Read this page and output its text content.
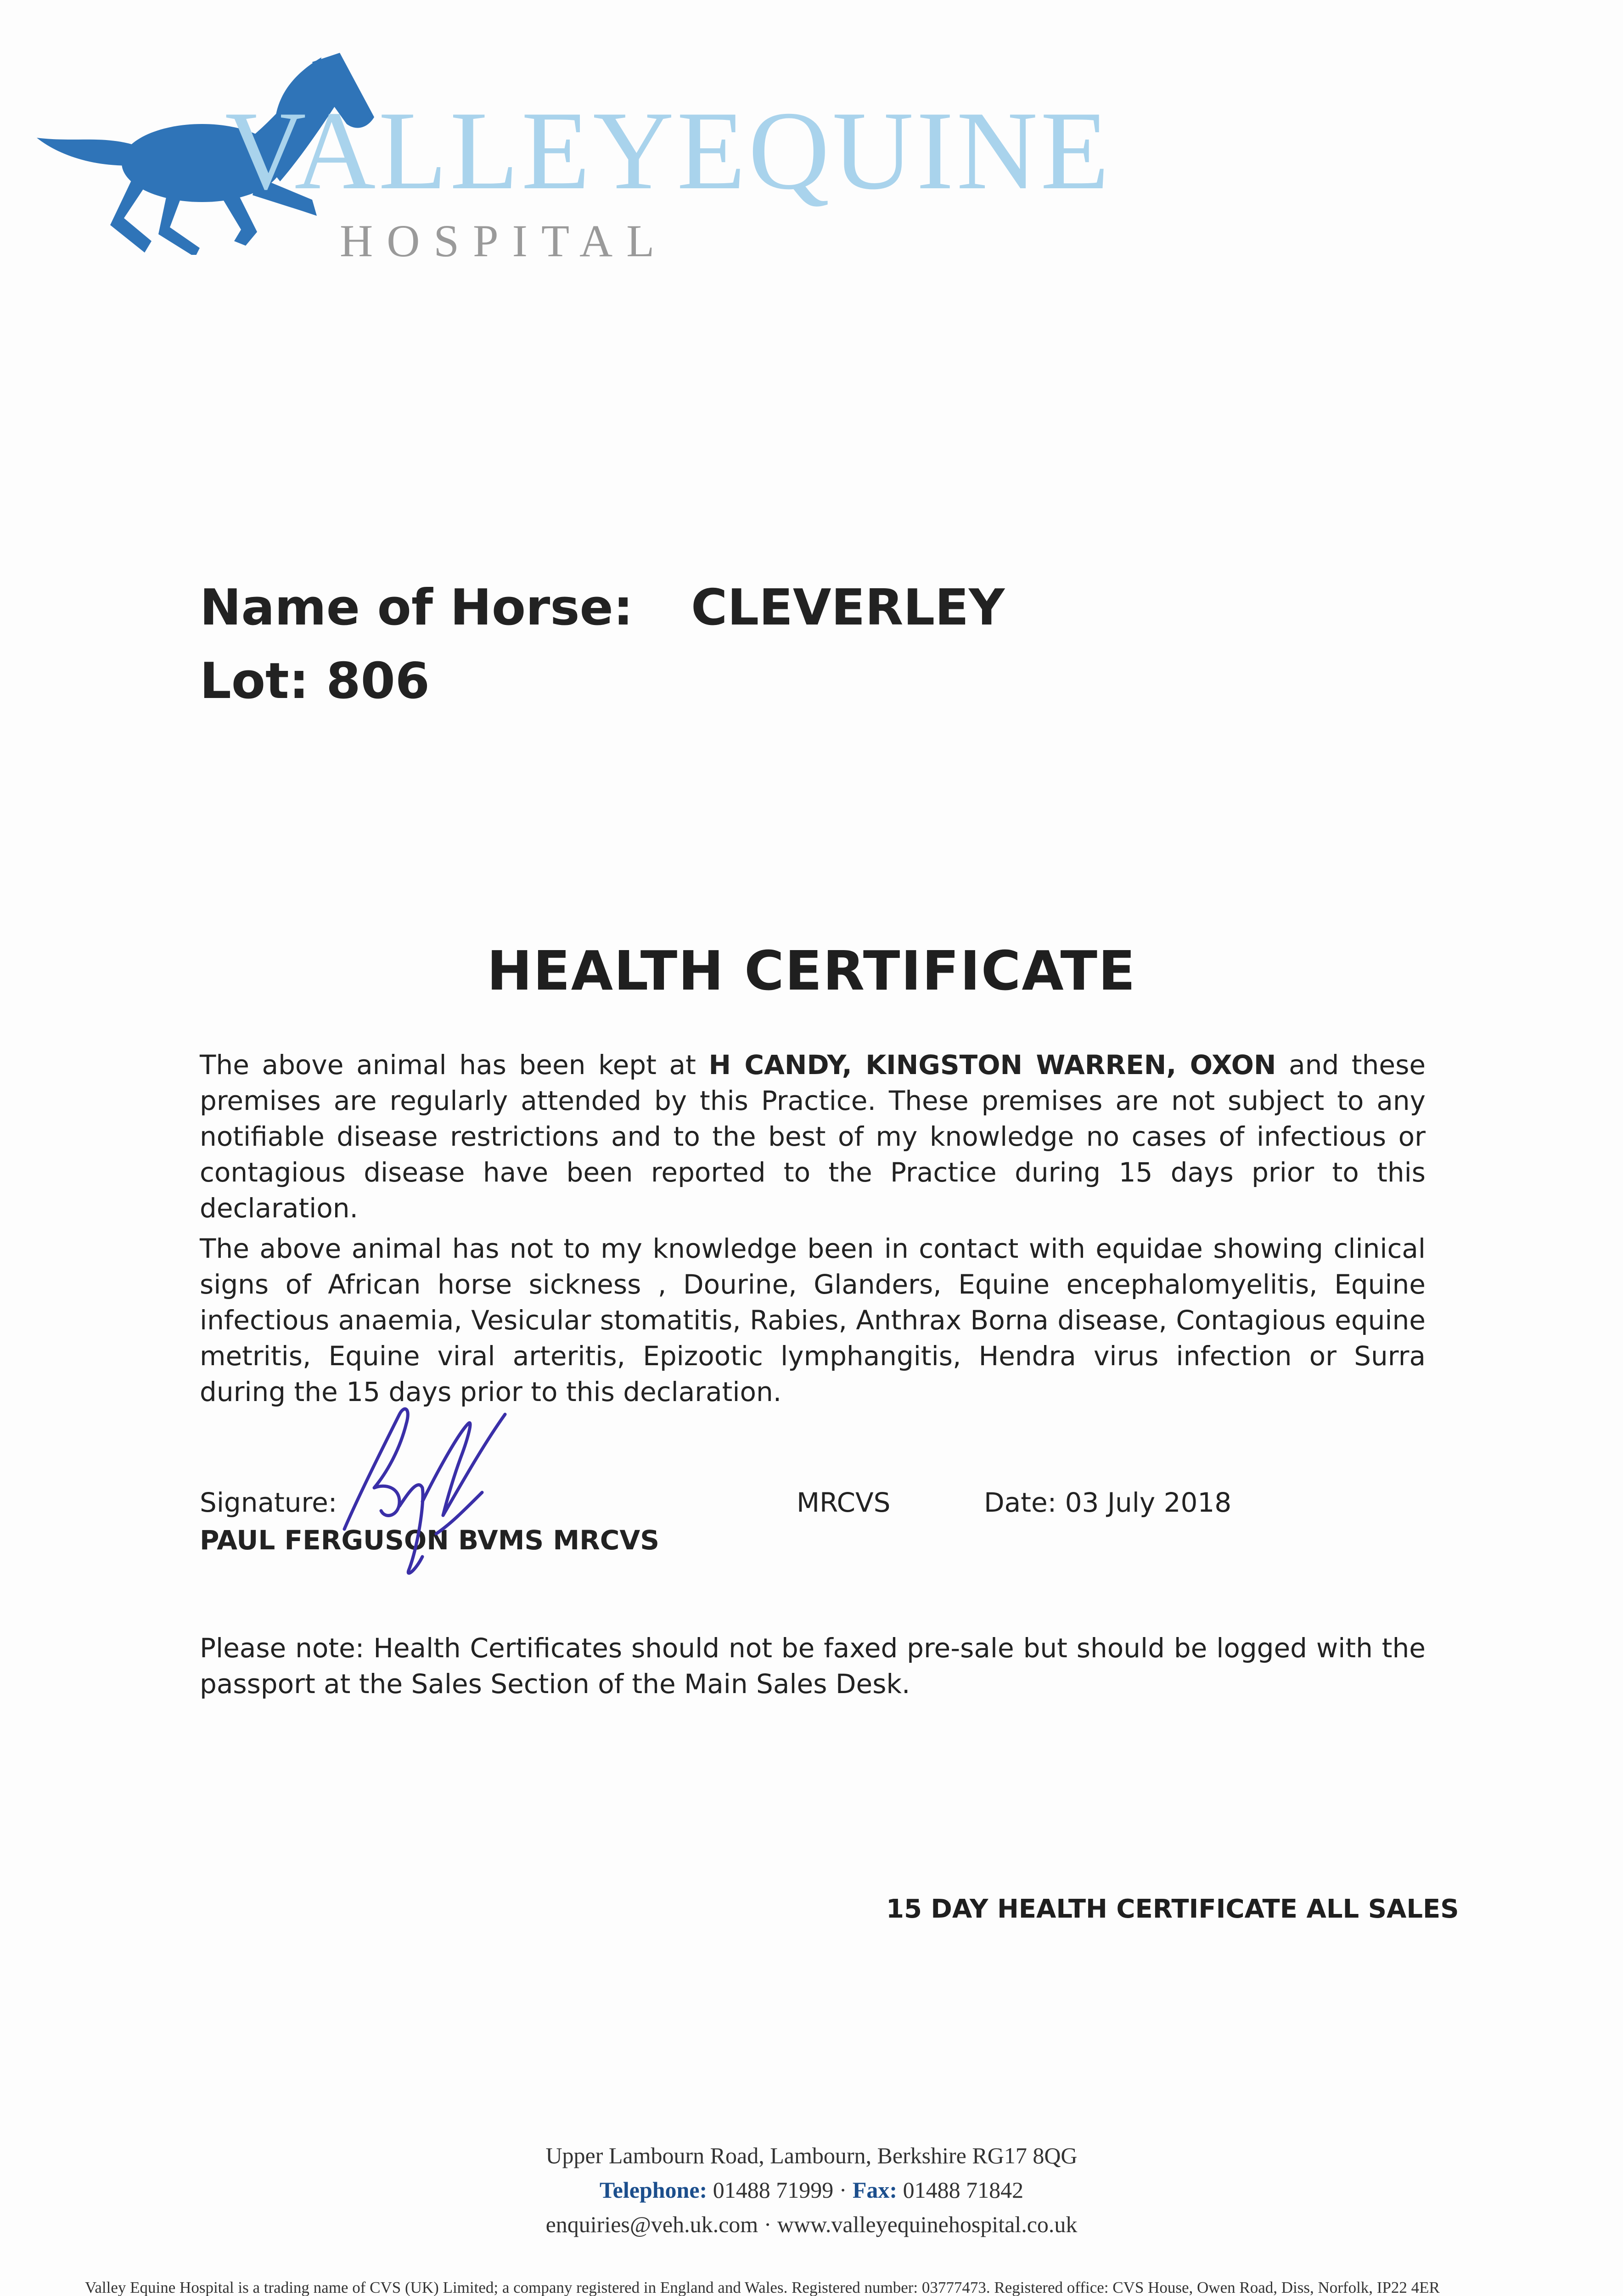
VALLEYEQUINE
HOSPITAL
Name of Horse: CLEVERLEY
Lot: 806
HEALTH CERTIFICATE
The above animal has been kept at H CANDY, KINGSTON WARREN, OXON and these premises are regularly attended by this Practice. These premises are not subject to any notifiable disease restrictions and to the best of my knowledge no cases of infectious or contagious disease have been reported to the Practice during 15 days prior to this declaration.
The above animal has not to my knowledge been in contact with equidae showing clinical signs of African horse sickness , Dourine, Glanders, Equine encephalomyelitis, Equine infectious anaemia, Vesicular stomatitis, Rabies, Anthrax Borna disease, Contagious equine metritis, Equine viral arteritis, Epizootic lymphangitis, Hendra virus infection or Surra during the 15 days prior to this declaration.
Signature:	MRCVS	Date: 03 July 2018
PAUL FERGUSON BVMS MRCVS
Please note: Health Certificates should not be faxed pre-sale but should be logged with the passport at the Sales Section of the Main Sales Desk.
15 DAY HEALTH CERTIFICATE ALL SALES
Upper Lambourn Road, Lambourn, Berkshire RG17 8QG
Telephone: 01488 71999 · Fax: 01488 71842
enquiries@veh.uk.com · www.valleyequinehospital.co.uk
Valley Equine Hospital is a trading name of CVS (UK) Limited; a company registered in England and Wales. Registered number: 03777473. Registered office: CVS House, Owen Road, Diss, Norfolk, IP22 4ER
